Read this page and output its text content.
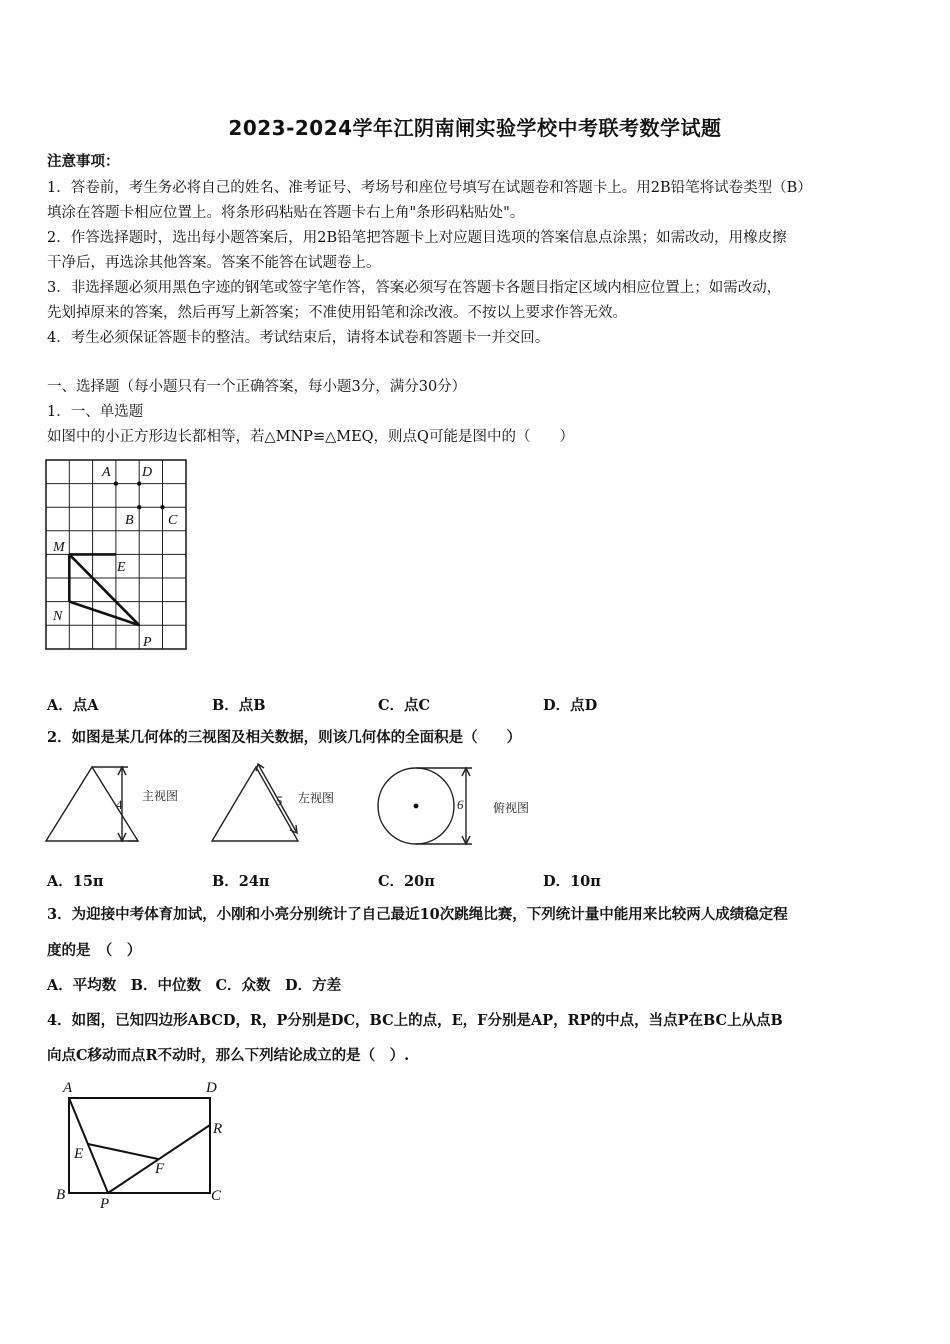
2023-2024学年江阴南闸实验学校中考联考数学试题
注意事项：
1．答卷前，考生务必将自己的姓名、准考证号、考场号和座位号填写在试题卷和答题卡上。用2B铅笔将试卷类型（B）
填涂在答题卡相应位置上。将条形码粘贴在答题卡右上角"条形码粘贴处"。
2．作答选择题时，选出每小题答案后，用2B铅笔把答题卡上对应题目选项的答案信息点涂黑；如需改动，用橡皮擦
干净后，再选涂其他答案。答案不能答在试题卷上。
3．非选择题必须用黑色字迹的钢笔或签字笔作答，答案必须写在答题卡各题目指定区域内相应位置上；如需改动，
先划掉原来的答案，然后再写上新答案；不准使用铅笔和涂改液。不按以上要求作答无效。
4．考生必须保证答题卡的整洁。考试结束后，请将本试卷和答题卡一并交回。
一、选择题（每小题只有一个正确答案，每小题3分，满分30分）
1．一、单选题
如图中的小正方形边长都相等，若△MNP≌△MEQ，则点Q可能是图中的（　　）
A D
B C
M
E
N
P
A．点A	B．点B	C．点C	D．点D
2．如图是某几何体的三视图及相关数据，则该几何体的全面积是（　　）
4
主视图	5 左视图	6 俯视图
A．15π	B．24π	C．20π	D．10π
3．为迎接中考体育加试，小刚和小亮分别统计了自己最近10次跳绳比赛，下列统计量中能用来比较两人成绩稳定程
度的是　（　）
A．平均数　B．中位数　C．众数　D．方差
4．如图，已知四边形ABCD，R，P分别是DC，BC上的点，E，F分别是AP，RP的中点，当点P在BC上从点B
向点C移动而点R不动时，那么下列结论成立的是（　）.
A	D
R
E
F
B
P	C
